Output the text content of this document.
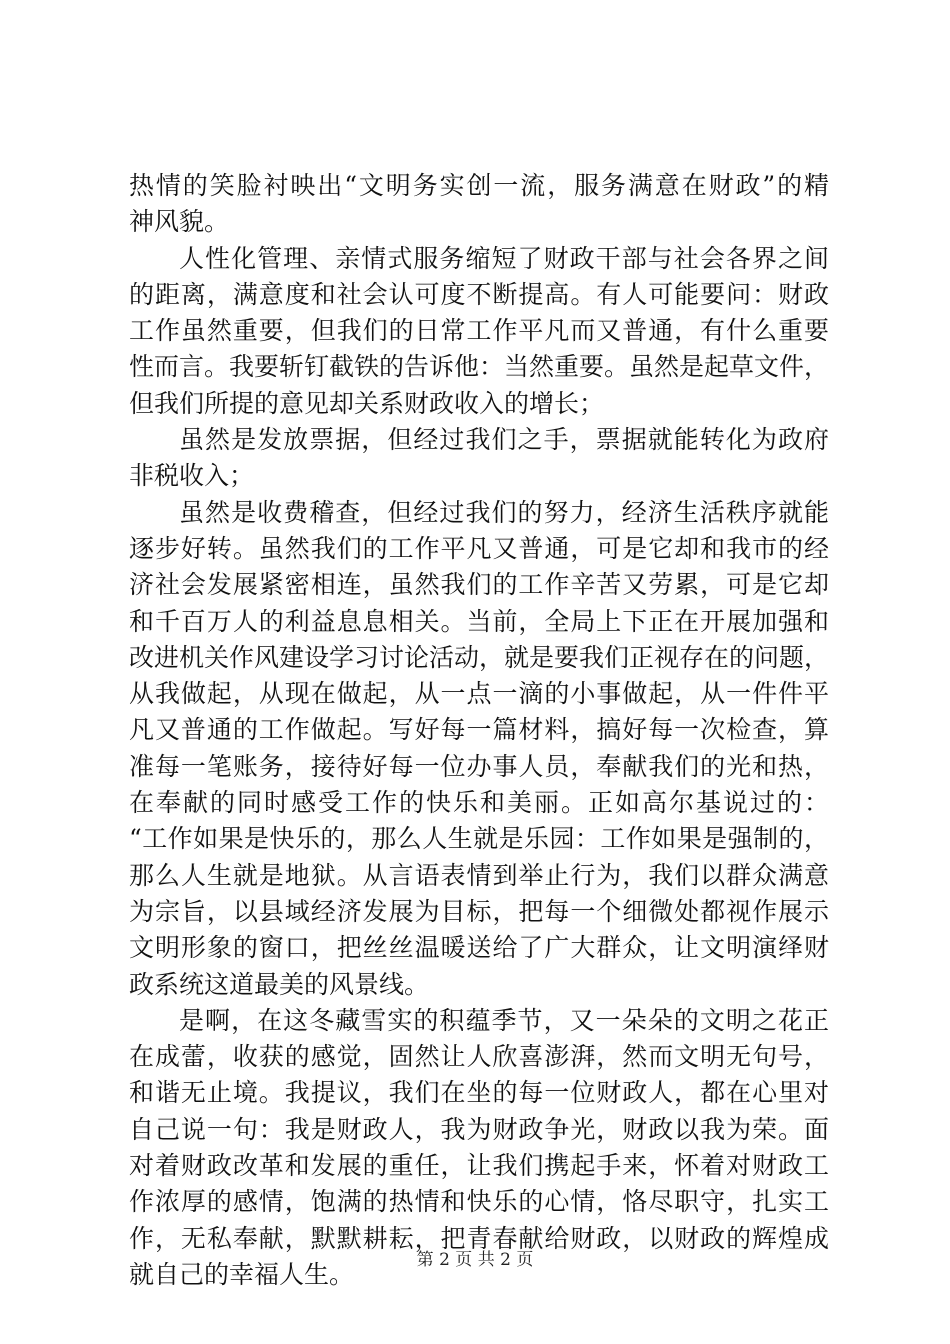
热情的笑脸衬映出“文明务实创一流，服务满意在财政”的精
神风貌。
人性化管理、亲情式服务缩短了财政干部与社会各界之间
的距离，满意度和社会认可度不断提高。有人可能要问：财政
工作虽然重要，但我们的日常工作平凡而又普通，有什么重要
性而言。我要斩钉截铁的告诉他：当然重要。虽然是起草文件，
但我们所提的意见却关系财政收入的增长；
虽然是发放票据，但经过我们之手，票据就能转化为政府
非税收入；
虽然是收费稽查，但经过我们的努力，经济生活秩序就能
逐步好转。虽然我们的工作平凡又普通，可是它却和我市的经
济社会发展紧密相连，虽然我们的工作辛苦又劳累，可是它却
和千百万人的利益息息相关。当前，全局上下正在开展加强和
改进机关作风建设学习讨论活动，就是要我们正视存在的问题，
从我做起，从现在做起，从一点一滴的小事做起，从一件件平
凡又普通的工作做起。写好每一篇材料，搞好每一次检查，算
准每一笔账务，接待好每一位办事人员，奉献我们的光和热，
在奉献的同时感受工作的快乐和美丽。正如高尔基说过的：
“工作如果是快乐的，那么人生就是乐园：工作如果是强制的，
那么人生就是地狱。从言语表情到举止行为，我们以群众满意
为宗旨，以县域经济发展为目标，把每一个细微处都视作展示
文明形象的窗口，把丝丝温暖送给了广大群众，让文明演绎财
政系统这道最美的风景线。
是啊，在这冬藏雪实的积蕴季节，又一朵朵的文明之花正
在成蕾，收获的感觉，固然让人欣喜澎湃，然而文明无句号，
和谐无止境。我提议，我们在坐的每一位财政人，都在心里对
自己说一句：我是财政人，我为财政争光，财政以我为荣。面
对着财政改革和发展的重任，让我们携起手来，怀着对财政工
作浓厚的感情，饱满的热情和快乐的心情，恪尽职守，扎实工
作，无私奉献，默默耕耘，把青春献给财政，以财政的辉煌成
就自己的幸福人生。	第 2 页 共 2 页
